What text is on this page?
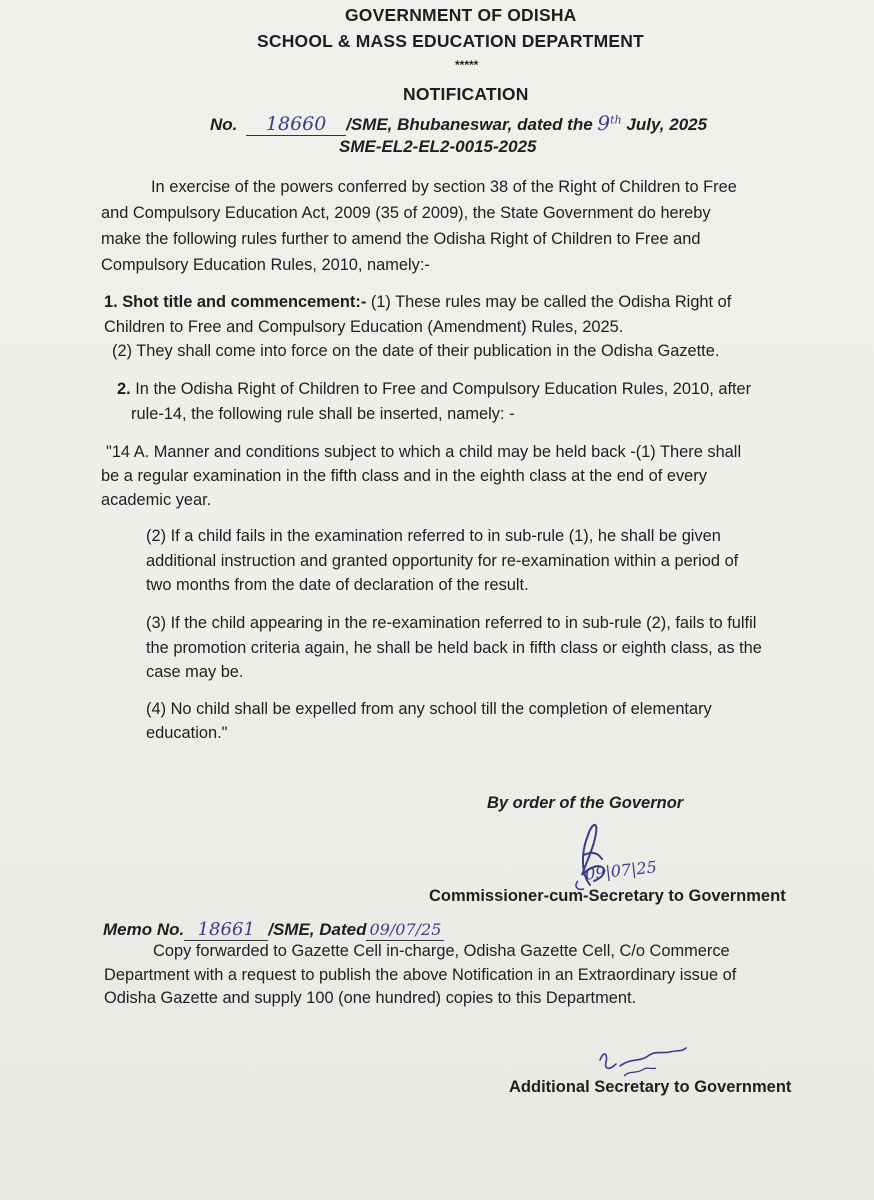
GOVERNMENT OF ODISHA
SCHOOL & MASS EDUCATION DEPARTMENT
*****
NOTIFICATION
No. 18660 /SME, Bhubaneswar, dated the 9th July, 2025
SME-EL2-EL2-0015-2025
In exercise of the powers conferred by section 38 of the Right of Children to Free
and Compulsory Education Act, 2009 (35 of 2009), the State Government do hereby
make the following rules further to amend the Odisha Right of Children to Free and
Compulsory Education Rules, 2010, namely:-
1. Shot title and commencement:- (1) These rules may be called the Odisha Right of
Children to Free and Compulsory Education (Amendment) Rules, 2025.
(2) They shall come into force on the date of their publication in the Odisha Gazette.
2. In the Odisha Right of Children to Free and Compulsory Education Rules, 2010, after
rule-14, the following rule shall be inserted, namely: -
"14 A. Manner and conditions subject to which a child may be held back -(1) There shall
be a regular examination in the fifth class and in the eighth class at the end of every
academic year.
(2) If a child fails in the examination referred to in sub-rule (1), he shall be given
additional instruction and granted opportunity for re-examination within a period of
two months from the date of declaration of the result.
(3) If the child appearing in the re-examination referred to in sub-rule (2), fails to fulfil
the promotion criteria again, he shall be held back in fifth class or eighth class, as the
case may be.
(4) No child shall be expelled from any school till the completion of elementary
education."
By order of the Governor
09|07|25
Commissioner-cum-Secretary to Government
Memo No. 18661 /SME, Dated 09/07/25
Copy forwarded to Gazette Cell in-charge, Odisha Gazette Cell, C/o Commerce
Department with a request to publish the above Notification in an Extraordinary issue of
Odisha Gazette and supply 100 (one hundred) copies to this Department.
Additional Secretary to Government
